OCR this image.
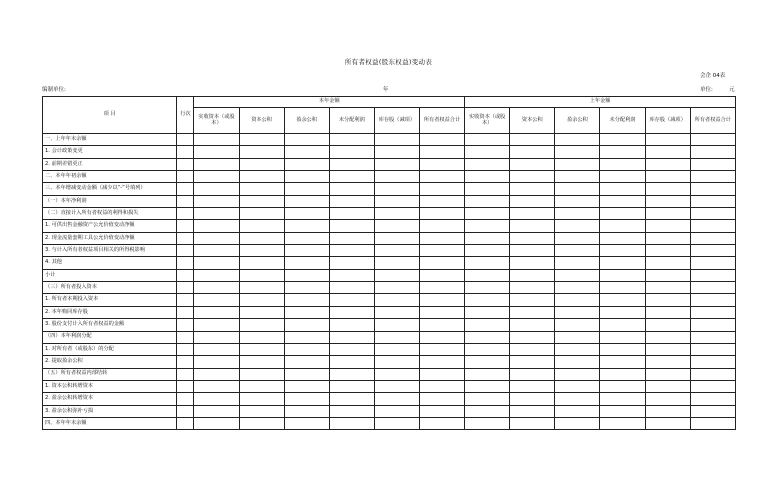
所有者权益(股东权益)变动表
会企 04表
编制单位:	年	单位:	元
项 目	行次	本年金额						上年金额					
		实收资本（或股本）	资本公积	盈余公积	未分配利润	库存股（减项）	所有者权益合计	实收资本（或股本）	资本公积	盈余公积	未分配利润	库存股（减项）	所有者权益合计
一、上年年末余额													
1. 会计政策变更													
2. 前期差错更正													
二、本年年初余额													
三、本年增减变动金额（减少以“-”号填列）													
（一）本年净利润													
（二）直接计入所有者权益的利得和损失													
1. 可供出售金融资产公允价值变动净额													
2. 现金流量套期工具公允价值变动净额													
3. 与计入所有者权益项目相关的所得税影响													
4. 其他													
小计													
（三）所有者投入资本													
1. 所有者本期投入资本													
2. 本年购回库存股													
3. 股份支付计入所有者权益的金额													
（四）本年利润分配													
1. 对所有者（或股东）的分配													
2. 提取盈余公积													
（五）所有者权益内部结转													
1. 资本公积转增资本													
2. 盈余公积转增资本													
3. 盈余公积弥补亏损													
四、本年年末余额													
